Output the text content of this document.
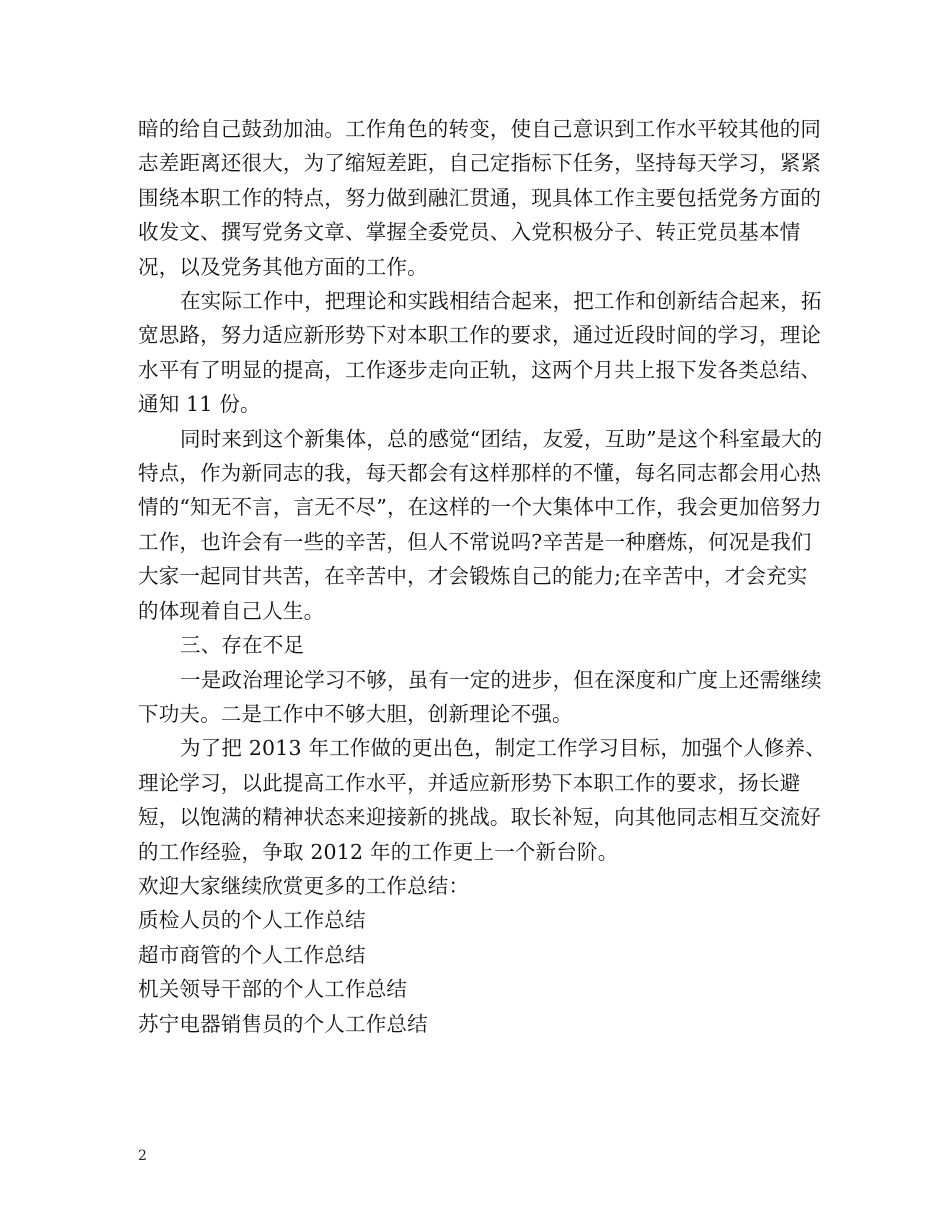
暗的给自己鼓劲加油。工作角色的转变，使自己意识到工作水平较其他的同志差距离还很大，为了缩短差距，自己定指标下任务，坚持每天学习，紧紧围绕本职工作的特点，努力做到融汇贯通，现具体工作主要包括党务方面的收发文、撰写党务文章、掌握全委党员、入党积极分子、转正党员基本情况，以及党务其他方面的工作。

在实际工作中，把理论和实践相结合起来，把工作和创新结合起来，拓宽思路，努力适应新形势下对本职工作的要求，通过近段时间的学习，理论水平有了明显的提高，工作逐步走向正轨，这两个月共上报下发各类总结、通知 11 份。

同时来到这个新集体，总的感觉“团结，友爱，互助”是这个科室最大的特点，作为新同志的我，每天都会有这样那样的不懂，每名同志都会用心热情的“知无不言，言无不尽”，在这样的一个大集体中工作，我会更加倍努力工作，也许会有一些的辛苦，但人不常说吗?辛苦是一种磨炼，何况是我们大家一起同甘共苦，在辛苦中，才会锻炼自己的能力;在辛苦中，才会充实的体现着自己人生。

三、存在不足

一是政治理论学习不够，虽有一定的进步，但在深度和广度上还需继续下功夫。二是工作中不够大胆，创新理论不强。

为了把 2013 年工作做的更出色，制定工作学习目标，加强个人修养、理论学习，以此提高工作水平，并适应新形势下本职工作的要求，扬长避短，以饱满的精神状态来迎接新的挑战。取长补短，向其他同志相互交流好的工作经验，争取 2012 年的工作更上一个新台阶。

欢迎大家继续欣赏更多的工作总结：

质检人员的个人工作总结
超市商管的个人工作总结
机关领导干部的个人工作总结
苏宁电器销售员的个人工作总结
2
